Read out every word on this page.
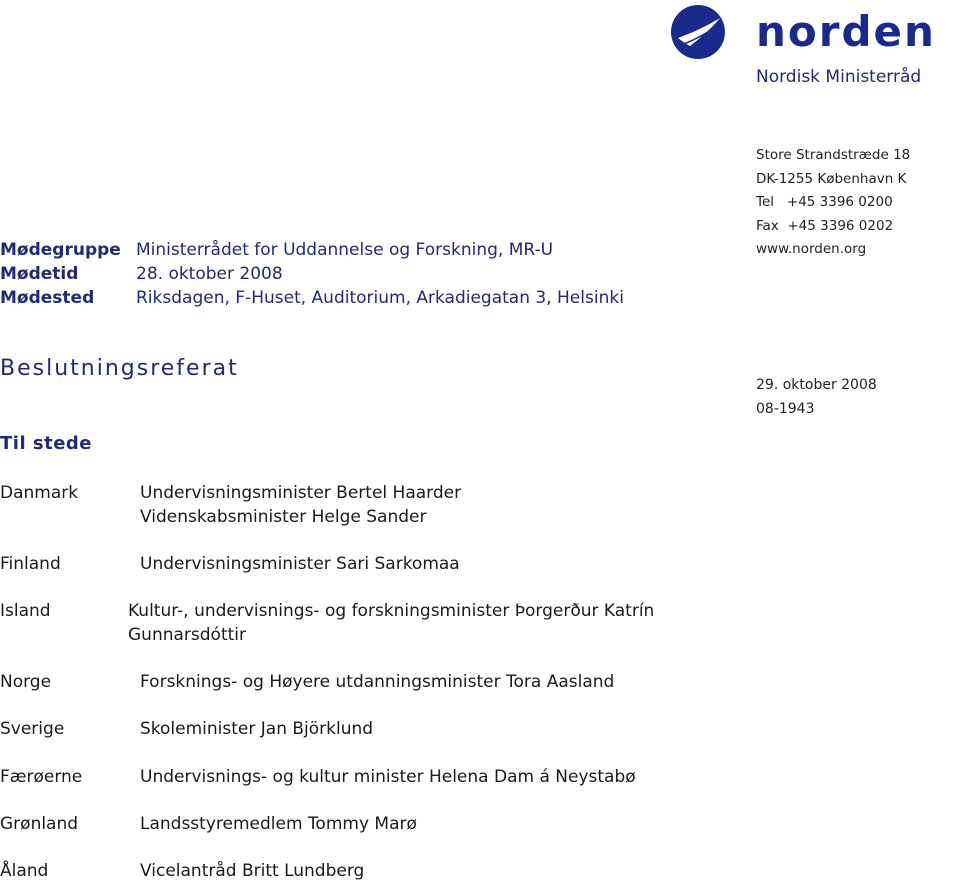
norden
Nordisk Ministerråd
Store Strandstræde 18
DK-1255 København K
Tel   +45 3396 0200
Fax  +45 3396 0202
www.norden.org
Mødegruppe Ministerrådet for Uddannelse og Forskning, MR-U
Mødetid	28. oktober 2008
Mødested Riksdagen, F-Huset, Auditorium, Arkadiegatan 3, Helsinki
Beslutningsreferat
29. oktober 2008
08-1943
Til stede
Danmark	Undervisningsminister Bertel Haarder
Videnskabsminister Helge Sander
Finland	Undervisningsminister Sari Sarkomaa
Island	Kultur-, undervisnings- og forskningsminister Þorgerður Katrín
Gunnarsdóttir
Norge	Forsknings- og Høyere utdanningsminister Tora Aasland
Sverige	Skoleminister Jan Björklund
Færøerne	Undervisnings- og kultur minister Helena Dam á Neystabø
Grønland	Landsstyremedlem Tommy Marø
Åland	Vicelantråd Britt Lundberg
